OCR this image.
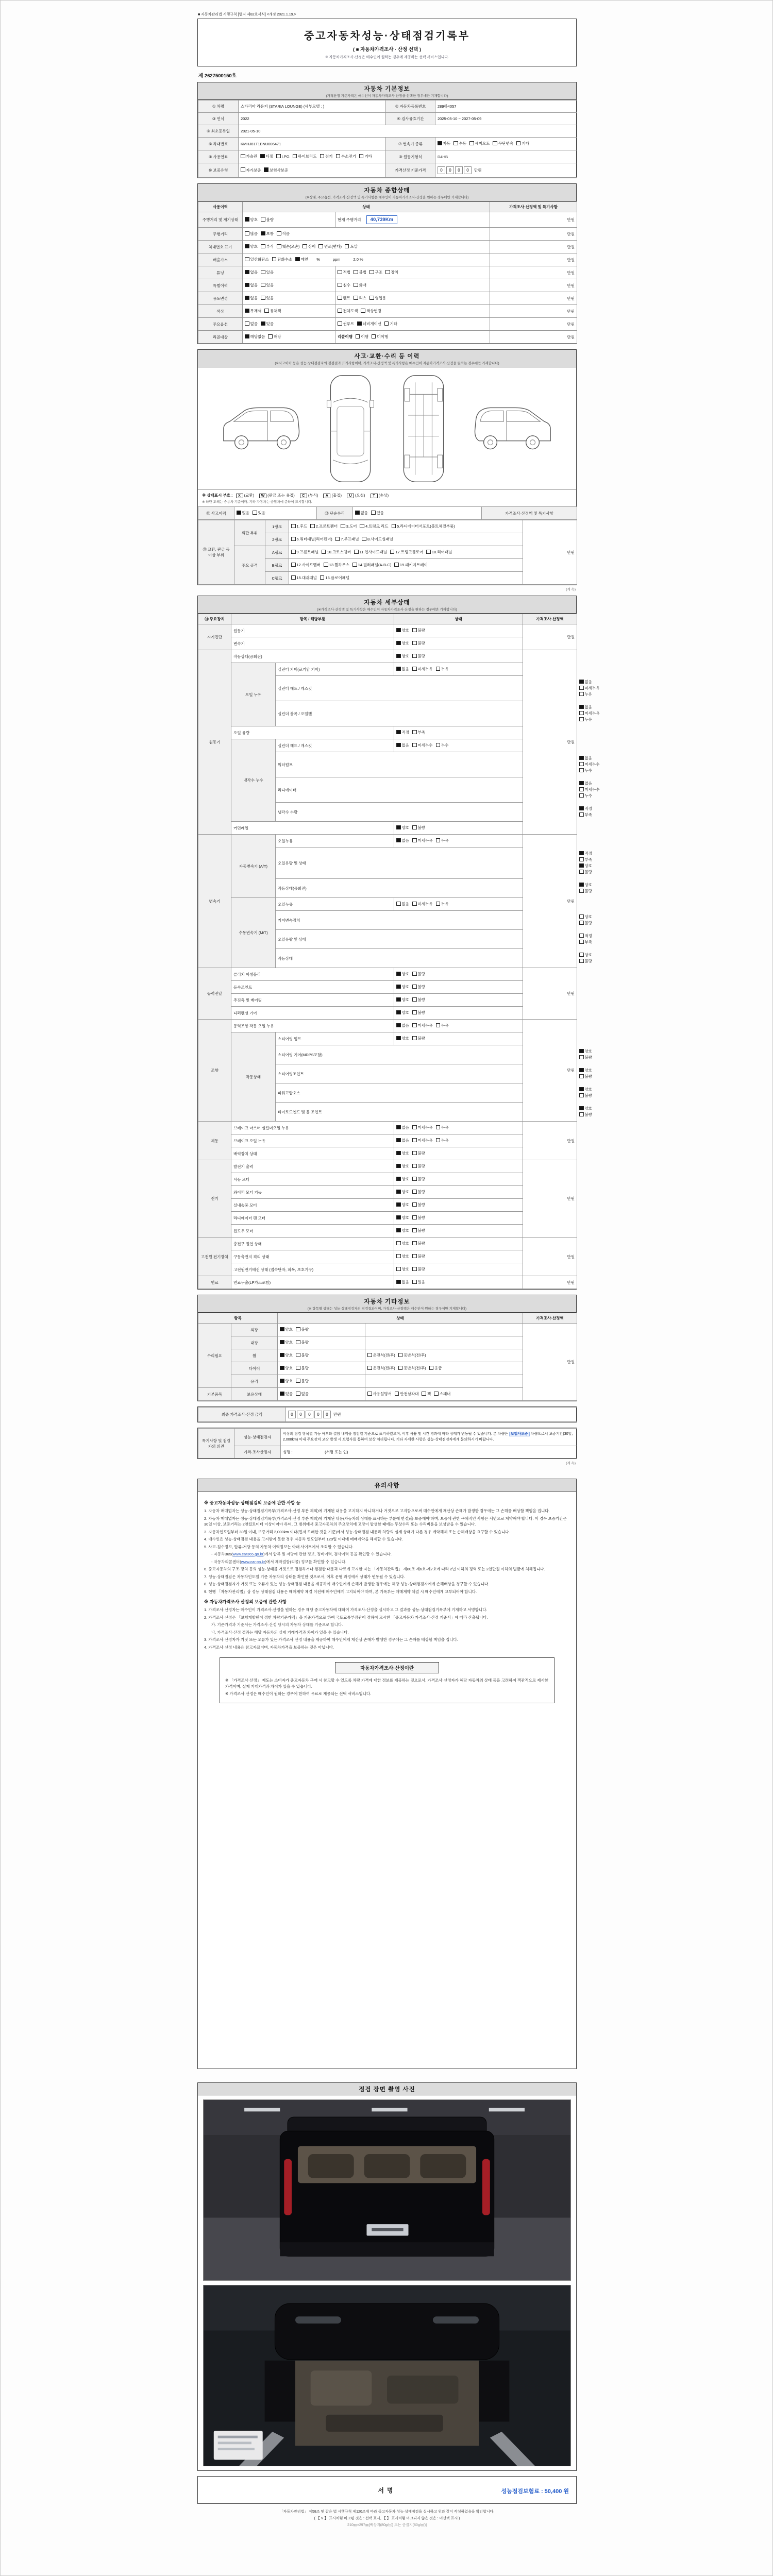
■ 자동차관리법 시행규칙 [별지 제82호서식] <개정 2021.1.19.>
중고자동차성능·상태점검기록부
( ■ 자동차가격조사 · 산정 선택 )
※ 자동차가격조사·산정은 매수인이 원하는 경우에 제공하는 선택 서비스입니다.
제 2627500150호
자동차 기본정보
(가격산정 기준가격은 매수인이 자동차가격조사·산정을 선택한 경우에만 기재합니다)
① 차명	스타리아 라운지 (STARIA LOUNGE) (세부모델 : )	② 자동차등록번호	289하4057
③ 연식	2022	④ 검사유효기간	2025-05-10 ~ 2027-05-09
⑤ 최초등록일	2021-05-10		
⑥ 차대번호	KMHJ81T1BNU006471	⑦ 변속기 종류	자동 수동 세미오토 무단변속 기타
⑧ 사용연료	가솔린 디젤 LPG 하이브리드 전기 수소전기 기타	⑨ 원동기형식	D4HB
⑩ 보증유형	자가보증 보험사보증	가격산정 기준가격	0 0 0 0 만원
자동차 종합상태
(※상태, 주요옵션, 가격조사·산정액 및 특기사항은 매수인이 자동차가격조사·산정을 원하는 경우에만 기재합니다)
사용이력	상태		가격조사·산정액 및 특기사항
주행거리 및 계기상태	양호 불량	현재 주행거리 40,739Km	만원
주행거리	많음 보통 적음		만원
차대번호 표기	양호 부식 훼손(오손) 상이 변조(변타) 도말		만원
배출가스	일산화탄소 탄화수소 매연 %            ppm            2.0 %		만원
튜닝	없음 있음	적법 불법 구조 장치	만원
특별이력	없음 있음	침수 화재	만원
용도변경	없음 있음	렌트 리스 영업용	만원
색상	무채색 유채색	전체도색 색상변경	만원
주요옵션	없음 있음	썬루프 네비게이션 기타	만원
리콜대상	해당없음 해당	리콜이행 이행 미이행	만원
사고·교환·수리 등 이력
(※사고이력 등은 성능·상태점검자의 점검결과 표기사항이며, 가격조사·산정액 및 특기사항은 매수인이 자동차가격조사·산정을 원하는 경우에만 기재합니다)
※ 상태표시 부호 : X (교환) W (판금 또는 용접) C (부식) A (흠집) U (요철) T (손상)
※ 하단 도해는 승용차 기준이며, 기타 자동차는 승합차에 준하여 표시합니다.
⑪ 사고이력	없음 있음	⑫ 단순수리	없음 있음	가격조사·산정액 및 특기사항
⑬ 교환, 판금 등 이상 부위	외판 부위	1랭크	1.후드 2.프론트펜더 3.도어 4.트렁크 리드 5.라디에이터서포트(볼트체결부품)	만원
		2랭크	6.쿼터패널(리어펜더) 7.루프패널 8.사이드실패널	
	주요 골격	A랭크	9.프론트패널 10.크로스멤버 11.인사이드패널 17.트렁크플로어 18.리어패널	
		B랭크	12.사이드멤버 13.휠하우스 14.필러패널(A·B·C) 19.패키지트레이	
		C랭크	15.대쉬패널 16.플로어패널	
(계 속)
자동차 세부상태
(※가격조사·산정액 및 특기사항은 매수인이 자동차가격조사·산정을 원하는 경우에만 기재합니다)
⑭ 주요장치	항목 / 해당부품		상태	가격조사·산정액	
자기진단	원동기		양호 불량	만원	
	변속기		양호 불량		
원동기	작동상태(공회전)		양호 불량	만원	
	오일 누유	실린더 커버(로커암 커버)	없음 미세누유 누유		
		실린더 헤드 / 개스킷			없음미세누유누유
		실린더 블록 / 오일팬			없음미세누유누유
	오일 유량		적정 부족		
	냉각수 누수	실린더 헤드 / 개스킷	없음 미세누수 누수		
		워터펌프			없음미세누수누수
		라디에이터			없음미세누수누수
		냉각수 수량			적정부족
	커먼레일		양호 불량		
변속기	자동변속기 (A/T)	오일누유	없음 미세누유 누유	만원	
		오일유량 및 상태			적정부족양호불량
		작동상태(공회전)			양호불량
	수동변속기 (M/T)	오일누유	없음 미세누유 누유		
		기어변속장치			양호불량
		오일유량 및 상태			적정부족
		작동상태			양호불량
동력전달	클러치 어셈블리		양호 불량	만원	
	등속조인트		양호 불량		
	추진축 및 베어링		양호 불량		
	디퍼렌셜 기어		양호 불량		
조향	동력조향 작동 오일 누유		없음 미세누유 누유	만원	
	작동상태	스티어링 펌프	양호 불량		
		스티어링 기어(MDPS포함)			양호불량
		스티어링조인트			양호불량
		파워고압호스			양호불량
		타이로드엔드 및 볼 조인트			양호불량
제동	브레이크 마스터 실린더오일 누유		없음 미세누유 누유	만원	
	브레이크 오일 누유		없음 미세누유 누유		
	배력장치 상태		양호 불량		
전기	발전기 출력		양호 불량	만원	
	시동 모터		양호 불량		
	와이퍼 모터 기능		양호 불량		
	실내송풍 모터		양호 불량		
	라디에이터 팬 모터		양호 불량		
	윈도우 모터		양호 불량		
고전원 전기장치	충전구 절연 상태		양호 불량	만원	
	구동축전지 격리 상태		양호 불량		
	고전원전기배선 상태 (접속단자, 피복, 보호기구)		양호 불량		
연료	연료누출(LP가스포함)		없음 있음	만원	
자동차 기타정보
(※ 항목별 상태는 성능·상태점검자의 점검결과이며, 가격조사·산정액은 매수인이 원하는 경우에만 기재합니다)
항목		상태		가격조사·산정액
수리필요	외장	양호 불량		만원
	내장	양호 불량		
	휠	양호 불량	운전석(전/후) 동반석(전/후)	
	타이어	양호 불량	운전석(전/후) 동반석(전/후) 응급	
	유리	양호 불량		
기본품목	보유상태	있음 없음	사용설명서 안전삼각대 잭 스패너	
최종 가격조사·산정 금액	0 0 0 0 0 만원
특기사항 및 점검자의 의견	성능·상태점검자	이상의 점검 항목별 기능 여부와 결함 내역을 점검일 기준으로 표기하였으며, 이후 사용 및 시간 경과에 따라 상태가 변동될 수 있습니다. 본 차량은 보험사보증 차량으로서 보증기간(30일, 2,000km) 이내 주요장치 고장 발생 시 보험사를 통하여 보상 처리됩니다. 기타 자세한 사항은 성능·상태점검자에게 문의하시기 바랍니다.
	가격·조사산정자	성명 :                              (서명 또는 인)
(계 속)
유의사항
※ 중고자동차성능·상태점검의 보증에 관한 사항 등
1. 자동차 매매업자는 성능·상태점검기록부(가격조사·산정 부분 제외)에 기재된 내용을 고지하지 아니하거나 거짓으로 고지함으로써 매수인에게 재산상 손해가 발생한 경우에는 그 손해를 배상할 책임을 집니다.
2. 자동차 매매업자는 성능·상태점검기록부(가격조사·산정 부분 제외)에 기재된 내용(자동차의 상태를 표시하는 부분에 한정)을 보증해야 하며, 보증에 관한 구체적인 사항은 서면으로 계약해야 합니다. 이 경우 보증기간은 30일 이상, 보증거리는 2천킬로미터 이상이어야 하며, 그 범위에서 중고자동차의 주요장치에 고장이 발생한 때에는 무상수리 또는 수리비용을 보상받을 수 있습니다.
3. 자동차인도일부터 30일 이내, 보증거리 2,000km 이내(먼저 도래한 것을 기준)에서 성능·상태점검 내용과 차량의 실제 상태가 다른 경우 계약해제 또는 손해배상을 요구할 수 있습니다.
4. 매수인은 성능·상태점검 내용을 고지받지 못한 경우 자동차 인도일부터 120일 이내에 매매계약을 해제할 수 있습니다.
5. 사고·침수정보, 압류·저당 등의 자동차 이력정보는 아래 사이트에서 조회할 수 있습니다.
- 자동차365(www.car365.go.kr)에서 압류 및 저당에 관한 정보, 정비이력, 검사이력 등을 확인할 수 있습니다.
- 자동차리콜센터(www.car.go.kr)에서 제작결함(리콜) 정보를 확인할 수 있습니다.
6. 중고자동차의 구조·장치 등의 성능·상태를 거짓으로 점검하거나 점검한 내용과 다르게 고지한 자는 「자동차관리법」 제80조 제6호·제7호에 따라 2년 이하의 징역 또는 2천만원 이하의 벌금에 처해집니다.
7. 성능·상태점검은 자동차인도일 기준 자동차의 상태를 확인한 것으로서, 이후 운행 과정에서 상태가 변동될 수 있습니다.
8. 성능·상태점검자가 거짓 또는 오류가 있는 성능·상태점검 내용을 제공하여 매수인에게 손해가 발생한 경우에는 해당 성능·상태점검자에게 손해배상을 청구할 수 있습니다.
9. 현행 「자동차관리법」상 성능·상태점검 내용은 매매계약 체결 이전에 매수인에게 고지되어야 하며, 본 기록부는 매매계약 체결 시 매수인에게 교부되어야 합니다.
※ 자동차가격조사·산정의 보증에 관한 사항
1. 가격조사·산정자는 매수인이 가격조사·산정을 원하는 경우 해당 중고자동차에 대하여 가격조사·산정을 실시하고 그 결과를 성능·상태점검기록부에 기재하고 서명합니다.
2. 가격조사·산정은 「보험개발원이 정한 차량기준가액」을 기준가격으로 하여 국토교통부장관이 정하여 고시한 「중고자동차 가격조사·산정 기준서」에 따라 산출됩니다.
가. 기준가격과 기준서는 가격조사·산정 당시의 자동차 상태를 기준으로 합니다.
나. 가격조사·산정 결과는 해당 자동차의 실제 거래가격과 차이가 있을 수 있습니다.
3. 가격조사·산정자가 거짓 또는 오류가 있는 가격조사·산정 내용을 제공하여 매수인에게 재산상 손해가 발생한 경우에는 그 손해를 배상할 책임을 집니다.
4. 가격조사·산정 내용은 참고자료이며, 자동차가격을 보증하는 것은 아닙니다.
자동차가격조사·산정이란
※ 「가격조사·산정」 제도는 소비자가 중고자동차 구매 시 참고할 수 있도록 차량 가격에 대한 정보를 제공하는 것으로서, 가격조사·산정자가 해당 자동차의 상태 등을 고려하여 객관적으로 제시한 가격이며, 실제 거래가격과 차이가 있을 수 있습니다.
※ 가격조사·산정은 매수인이 원하는 경우에 한하여 유료로 제공되는 선택 서비스입니다.
점검 장면 촬영 사진
서명	성능점검보험료 : 50,400 원
「자동차관리법」 제58조 및 같은 법 시행규칙 제120조에 따라 중고자동차 성능·상태점검을 실시하고 위와 같이 작성하였음을 확인합니다.
( 【 V 】 표시처럼 마크된 것은 : 선택 표시, 【 】 표시처럼 마크되지 않은 것은 : 미선택 표시 )
210㎜×297㎜[백상지(80g/㎡) 또는 중질지(80g/㎡)]
